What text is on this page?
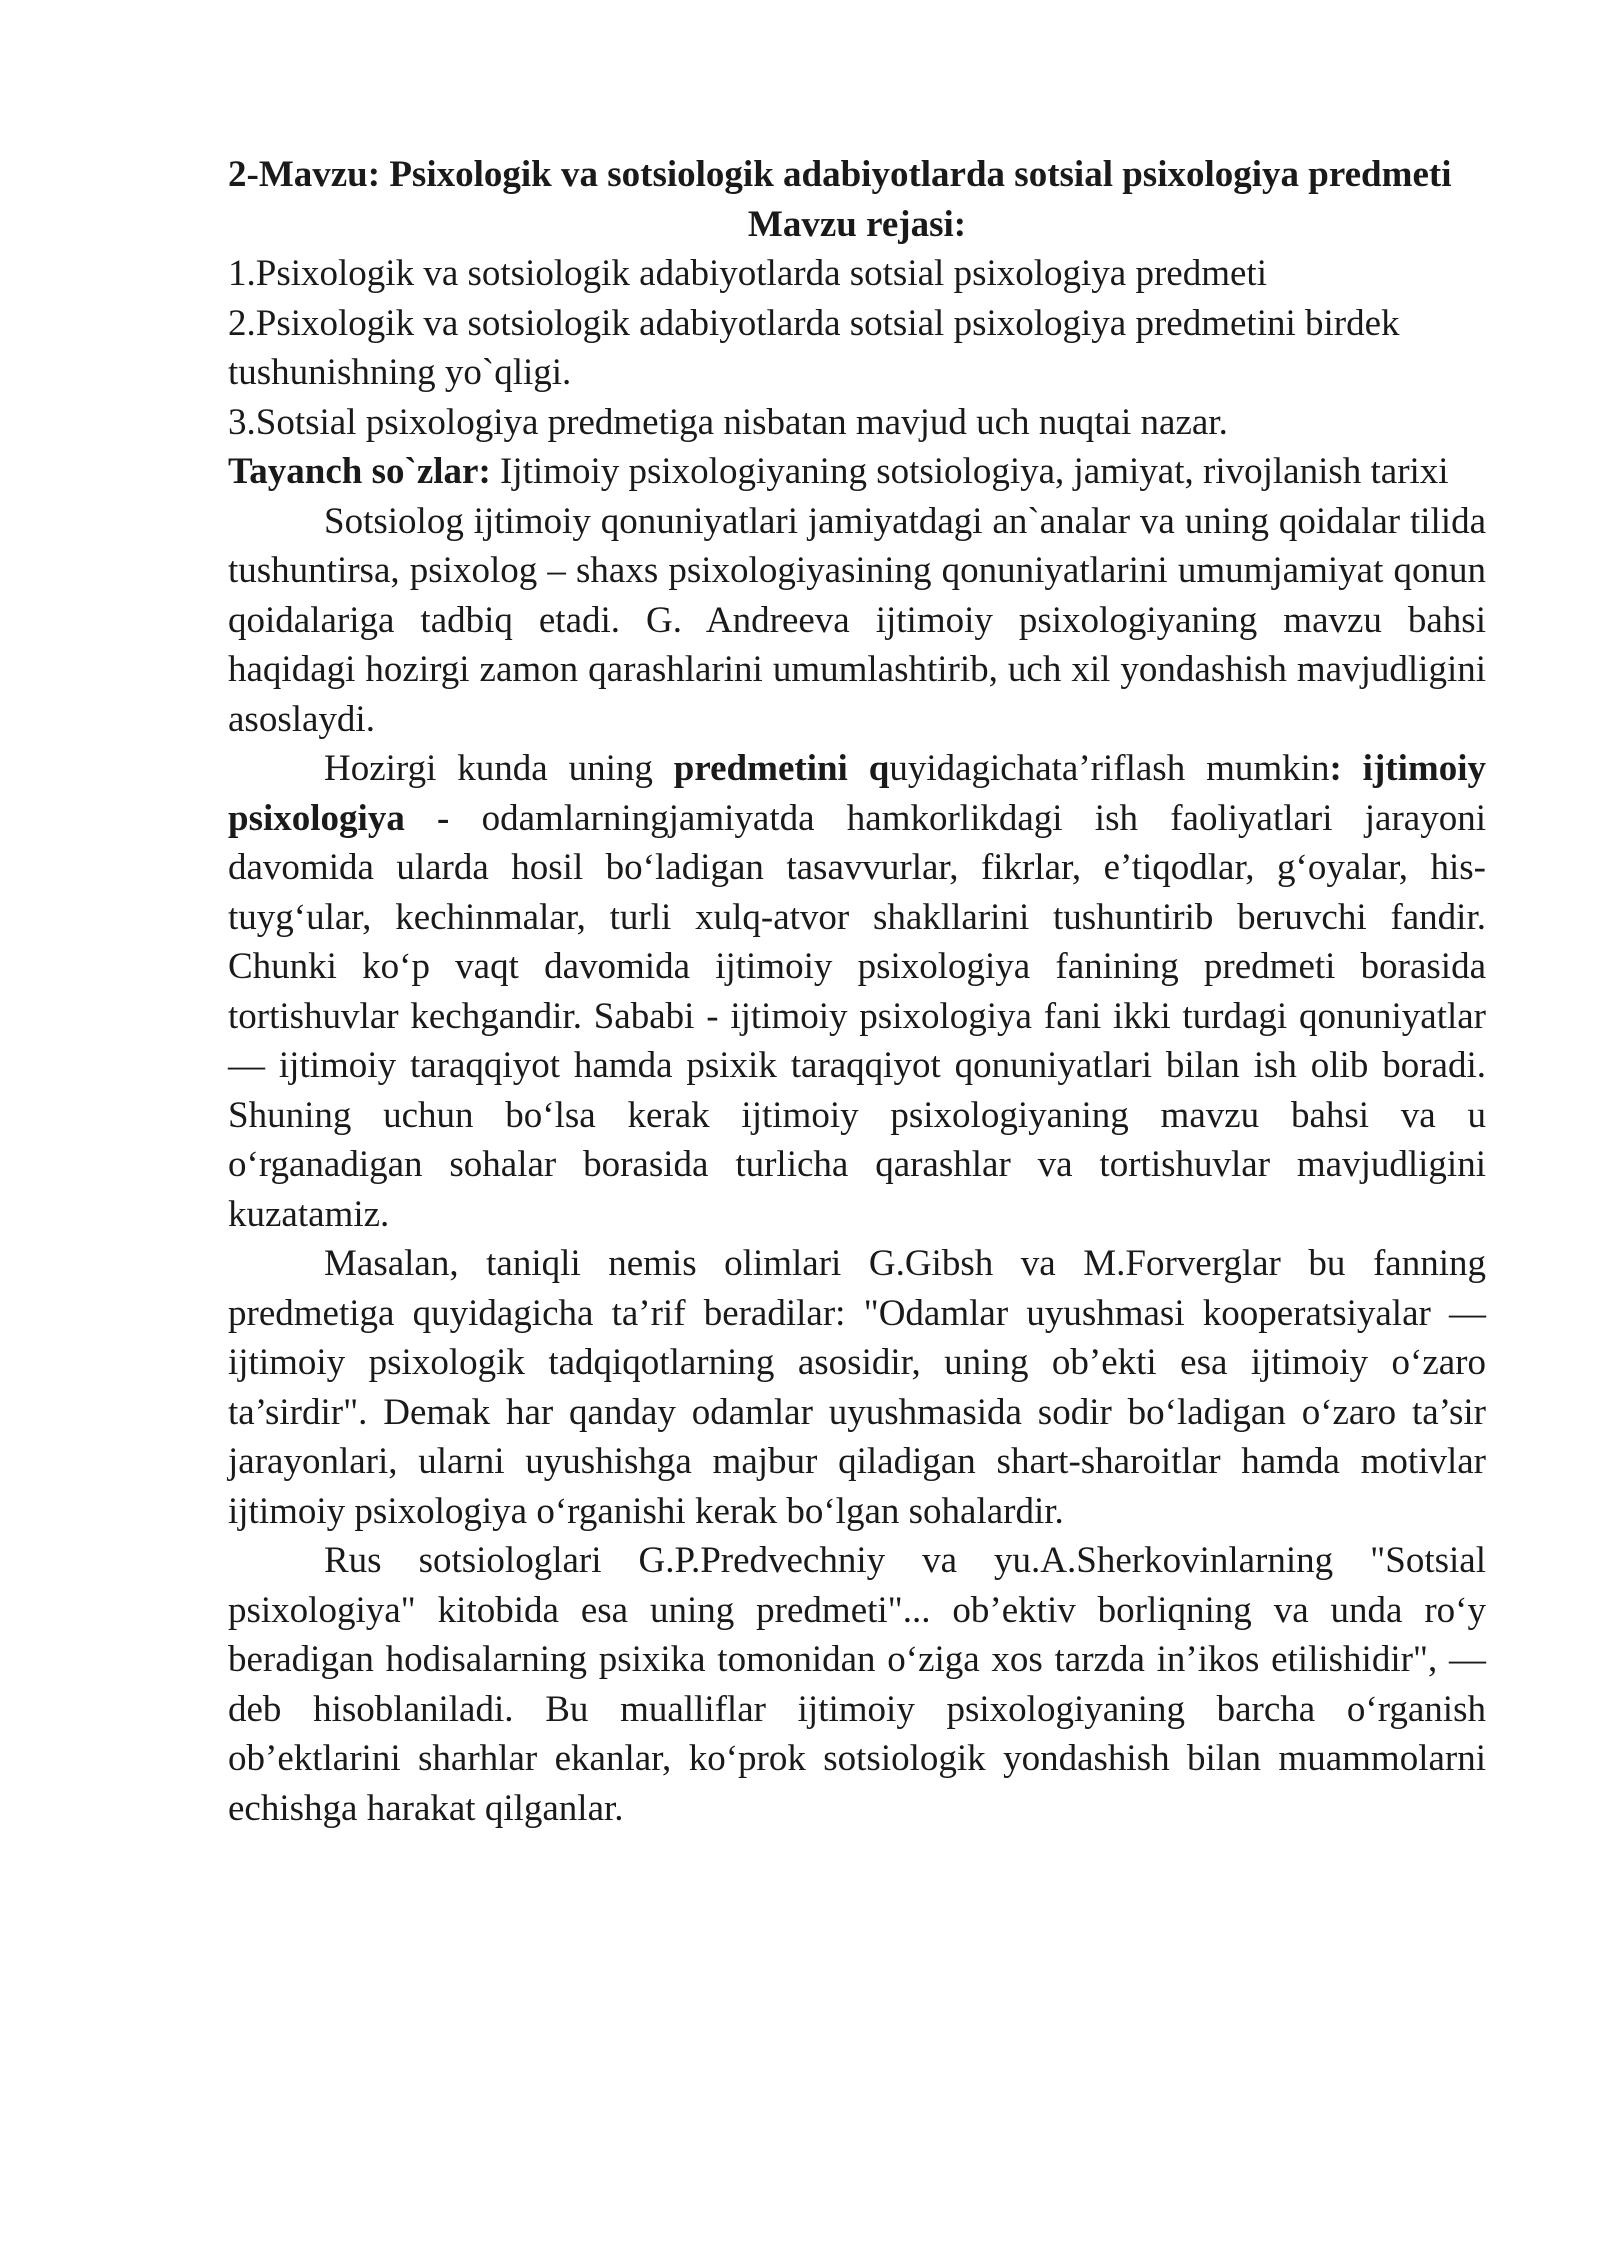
2-Mavzu: Psixologik va sotsiologik adabiyotlarda sotsial psixologiya predmeti

Mavzu rejasi:

1.Psixologik va sotsiologik adabiyotlarda sotsial psixologiya predmeti

2.Psixologik va sotsiologik adabiyotlarda sotsial psixologiya predmetini birdek tushunishning yo`qligi.

3.Sotsial psixologiya predmetiga nisbatan mavjud uch nuqtai nazar.

Tayanch so`zlar: Ijtimoiy psixologiyaning sotsiologiya, jamiyat, rivojlanish tarixi

Sotsiolog ijtimoiy qonuniyatlari jamiyatdagi an`analar va uning qoidalar tilida tushuntirsa, psixolog – shaxs psixologiyasining qonuniyatlarini umumjamiyat qonun qoidalariga tadbiq etadi. G. Andreeva ijtimoiy psixologiyaning mavzu bahsi haqidagi hozirgi zamon qarashlarini umumlashtirib, uch xil yondashish mavjudligini asoslaydi.

Hozirgi kunda uning predmetini quyidagichata’riflash mumkin: ijtimoiy psixologiya - odamlarningjamiyatda hamkorlikdagi ish faoliyatlari jarayoni davomida ularda hosil bo‘ladigan tasavvurlar, fikrlar, e’tiqodlar, g‘oyalar, his-tuyg‘ular, kechinmalar, turli xulq-atvor shakllarini tushuntirib beruvchi fandir. Chunki ko‘p vaqt davomida ijtimoiy psixologiya fanining predmeti borasida tortishuvlar kechgandir. Sababi - ijtimoiy psixologiya fani ikki turdagi qonuniyatlar — ijtimoiy taraqqiyot hamda psixik taraqqiyot qonuniyatlari bilan ish olib boradi. Shuning uchun bo‘lsa kerak ijtimoiy psixologiyaning mavzu bahsi va u o‘rganadigan sohalar borasida turlicha qarashlar va tortishuvlar mavjudligini kuzatamiz.

Masalan, taniqli nemis olimlari G.Gibsh va M.Forverglar bu fanning predmetiga quyidagicha ta’rif beradilar: "Odamlar uyushmasi kooperatsiyalar — ijtimoiy psixologik tadqiqotlarning asosidir, uning ob’ekti esa ijtimoiy o‘zaro ta’sirdir". Demak har qanday odamlar uyushmasida sodir bo‘ladigan o‘zaro ta’sir jarayonlari, ularni uyushishga majbur qiladigan shart-sharoitlar hamda motivlar ijtimoiy psixologiya o‘rganishi kerak bo‘lgan sohalardir.

Rus sotsiologlari G.P.Predvechniy va yu.A.Sherkovinlarning "Sotsial psixologiya" kitobida esa uning predmeti"... ob’ektiv borliqning va unda ro‘y beradigan hodisalarning psixika tomonidan o‘ziga xos tarzda in’ikos etilishidir", — deb hisoblaniladi. Bu mualliflar ijtimoiy psixologiyaning barcha o‘rganish ob’ektlarini sharhlar ekanlar, ko‘prok sotsiologik yondashish bilan muammolarni echishga harakat qilganlar.
